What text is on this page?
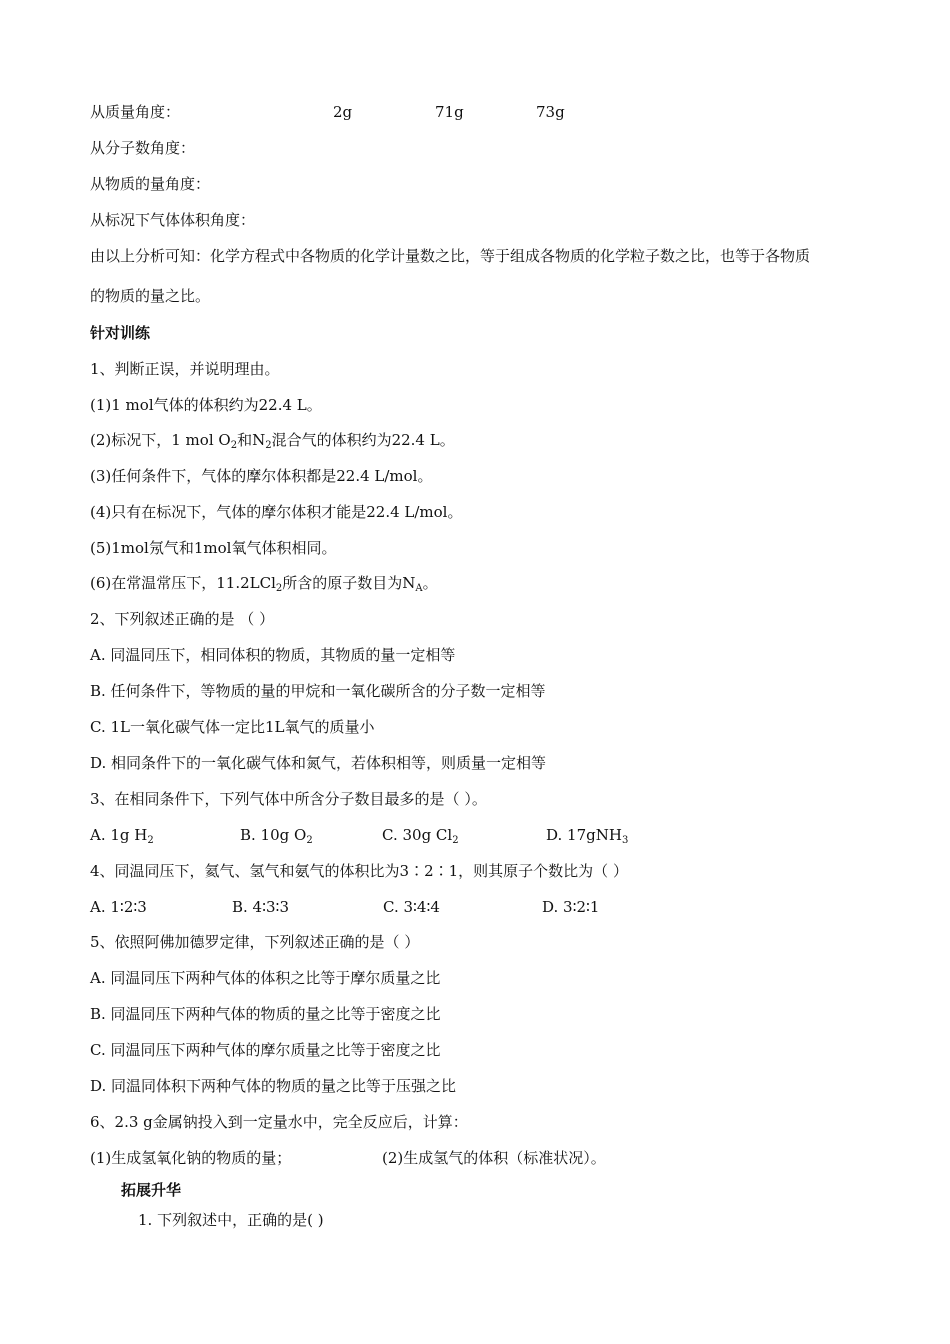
从质量角度：	2g	71g	73g
从分子数角度：
从物质的量角度：
从标况下气体体积角度：
由以上分析可知：化学方程式中各物质的化学计量数之比，等于组成各物质的化学粒子数之比，也等于各物质
的物质的量之比。
针对训练
1、判断正误，并说明理由。
(1)1 mol气体的体积约为22.4 L。
(2)标况下，1 mol $O_2$和$N_2$混合气的体积约为22.4 L。
(3)任何条件下，气体的摩尔体积都是22.4 L/mol。
(4)只有在标况下，气体的摩尔体积才能是22.4 L/mol。
(5)1mol氖气和1mol氧气体积相同。
(6)在常温常压下，11.2LCl$_2$所含的原子数目为$N_A$。
2、下列叙述正确的是 （ ）
A. 同温同压下，相同体积的物质，其物质的量一定相等
B. 任何条件下，等物质的量的甲烷和一氧化碳所含的分子数一定相等
C. 1L一氧化碳气体一定比1L氧气的质量小
D. 相同条件下的一氧化碳气体和氮气，若体积相等，则质量一定相等
3、在相同条件下，下列气体中所含分子数目最多的是（ ）。
A. 1g $H_2$	B. 10g $O_2$	C. 30g $Cl_2$	D. 17gNH$_3$
4、同温同压下，氦气、氢气和氨气的体积比为3∶2∶1，则其原子个数比为（ ）
A. 1∶2∶3	B. 4∶3∶3	C. 3∶4∶4	D. 3∶2∶1
5、依照阿佛加德罗定律，下列叙述正确的是（ ）
A. 同温同压下两种气体的体积之比等于摩尔质量之比
B. 同温同压下两种气体的物质的量之比等于密度之比
C. 同温同压下两种气体的摩尔质量之比等于密度之比
D. 同温同体积下两种气体的物质的量之比等于压强之比
6、2.3 g金属钠投入到一定量水中，完全反应后，计算：
(1)生成氢氧化钠的物质的量；	(2)生成氢气的体积（标准状况）。
拓展升华
1. 下列叙述中，正确的是( )
